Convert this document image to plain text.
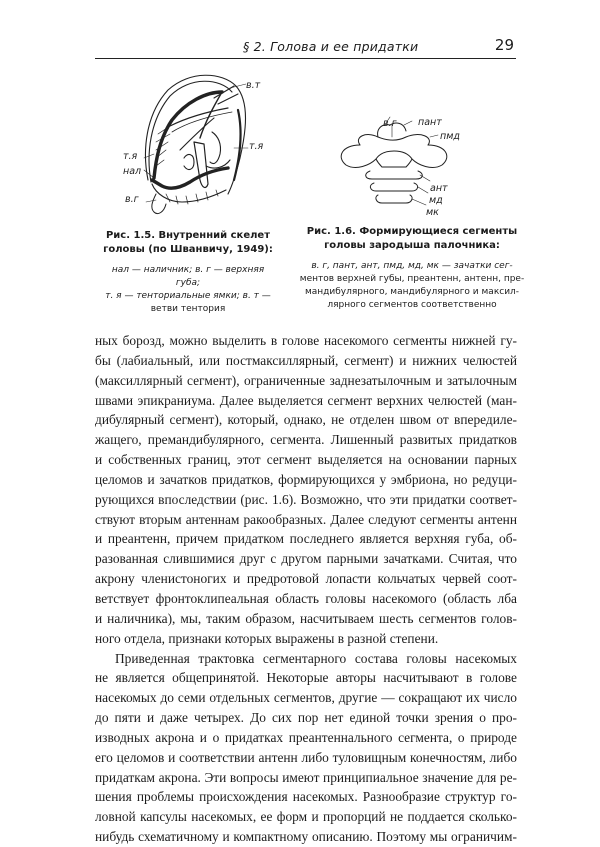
§ 2. Голова и ее придатки	29
в.т
т.я
т.я
нал
в.г
в.г пант
пмд
ант
мд
мк

Рис. 1.5. Внутренний скелет

головы (по Шванвичу, 1949):

нал — наличник; в. г — верхняя губа;
т. я — тенториальные ямки; в. т —
ветви тентория

Рис. 1.6. Формирующиеся сегменты

головы зародыша палочника:

в. г, пант, ант, пмд, мд, мк — зачатки сег-
ментов верхней губы, преантенн, антенн, пре-
мандибулярного, мандибулярного и максил-
лярного сегментов соответственно

ных борозд, можно выделить в голове насекомого сегменты нижней гу-
бы (лабиальный, или постмаксиллярный, сегмент) и нижних челюстей
(максиллярный сегмент), ограниченные заднезатылочным и затылочным
швами эпикраниума. Далее выделяется сегмент верхних челюстей (ман-
дибулярный сегмент), который, однако, не отделен швом от впередиле-
жащего, премандибулярного, сегмента. Лишенный развитых придатков
и собственных границ, этот сегмент выделяется на основании парных
целомов и зачатков придатков, формирующихся у эмбриона, но редуци-
рующихся впоследствии (рис. 1.6). Возможно, что эти придатки соответ-
ствуют вторым антеннам ракообразных. Далее следуют сегменты антенн
и преантенн, причем придатком последнего является верхняя губа, об-
разованная слившимися друг с другом парными зачатками. Считая, что
акрону членистоногих и предротовой лопасти кольчатых червей соот-
ветствует фронтоклипеальная область головы насекомого (область лба
и наличника), мы, таким образом, насчитываем шесть сегментов голов-
ного отдела, признаки которых выражены в разной степени.

Приведенная трактовка сегментарного состава головы насекомых
не является общепринятой. Некоторые авторы насчитывают в голове
насекомых до семи отдельных сегментов, другие — сокращают их число
до пяти и даже четырех. До сих пор нет единой точки зрения о про-
изводных акрона и о придатках преантеннального сегмента, о природе
его целомов и соответствии антенн либо туловищным конечностям, либо
придаткам акрона. Эти вопросы имеют принципиальное значение для ре-
шения проблемы происхождения насекомых. Разнообразие структур го-
ловной капсулы насекомых, ее форм и пропорций не поддается сколько-
нибудь схематичному и компактному описанию. Поэтому мы ограничим-
